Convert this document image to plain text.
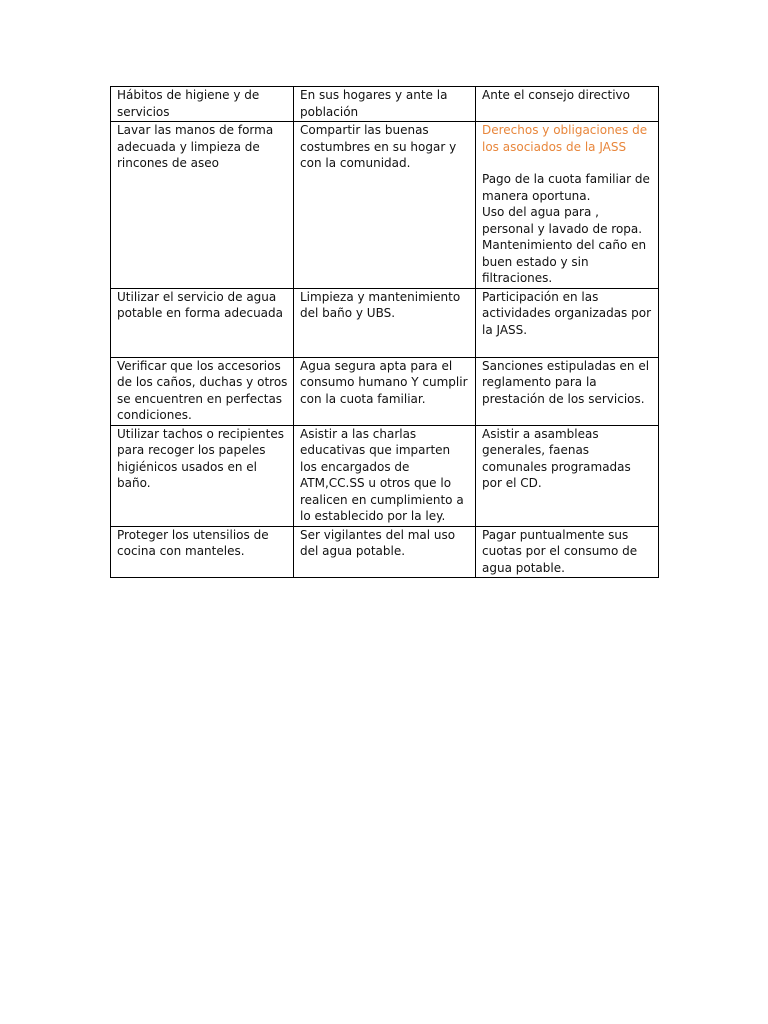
Hábitos de higiene y de servicios	En sus hogares y ante la población	Ante el consejo directivo
Lavar las manos de forma adecuada y limpieza de rincones de aseo	Compartir las buenas costumbres en su hogar y con la comunidad.	Derechos y obligaciones de los asociados de la JASS
Pago de la cuota familiar de manera oportuna.
Uso del agua para , personal y lavado de ropa.
Mantenimiento del caño en buen estado y sin filtraciones.

Utilizar el servicio de agua potable en forma adecuada	Limpieza y mantenimiento del baño y UBS.	Participación en las actividades organizadas por la JASS.
Verificar que los accesorios de los caños, duchas y otros se encuentren en perfectas condiciones.	Agua segura apta para el consumo humano Y cumplir con la cuota familiar.	Sanciones estipuladas en el reglamento para la prestación de los servicios.
Utilizar tachos o recipientes para recoger los papeles higiénicos usados en el baño.	Asistir a las charlas educativas que imparten los encargados de ATM,CC.SS u otros que lo realicen en cumplimiento a lo establecido por la ley.	Asistir a asambleas generales, faenas comunales programadas por el CD.
Proteger los utensilios de cocina con manteles.	Ser vigilantes del mal uso del agua potable.	Pagar puntualmente sus cuotas por el consumo de agua potable.
